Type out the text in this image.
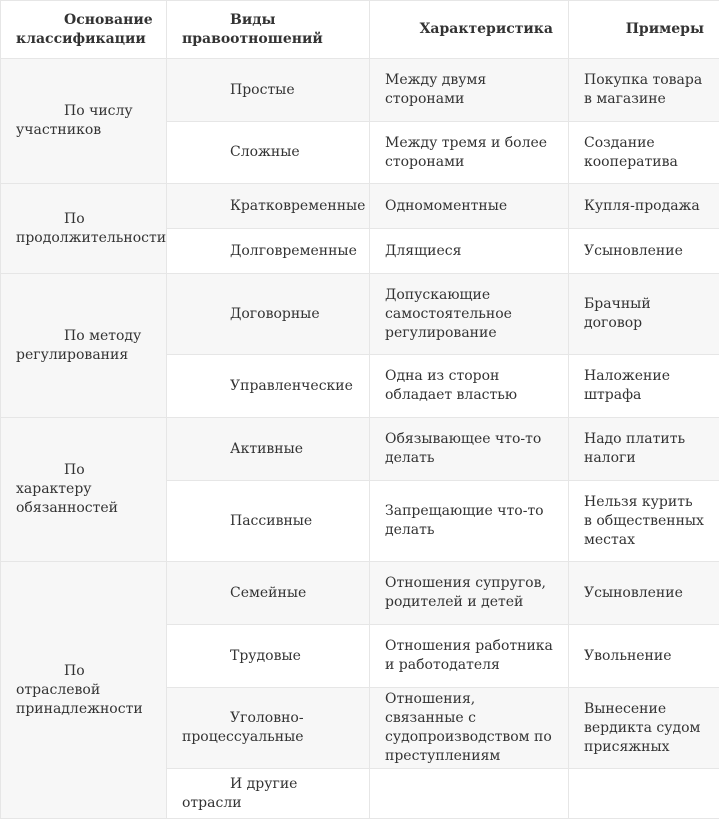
Основание классификации	Виды правоотношений	Характеристика	Примеры

По числу участников	Простые	Между двумя сторонами	Покупка товара в магазине

	Сложные	Между тремя и более сторонами	Создание кооператива

По продолжительности	Кратковременные	Одномоментные	Купля-продажа

	Долговременные	Длящиеся	Усыновление

По методу регулирования	Договорные	Допускающие самостоятельное регулирование	Брачный договор

	Управленческие	Одна из сторон обладает властью	Наложение штрафа

По характеру обязанностей	Активные	Обязывающее что-то делать	Надо платить налоги

	Пассивные	Запрещающие что-то делать	Нельзя курить в общественных местах

По отраслевой принадлежности	Семейные	Отношения супругов, родителей и детей	Усыновление

	Трудовые	Отношения работника и работодателя	Увольнение

	Уголовно-процессуальные	Отношения, связанные с судопроизводством по преступлениям	Вынесение вердикта судом присяжных

	И другие отрасли		
